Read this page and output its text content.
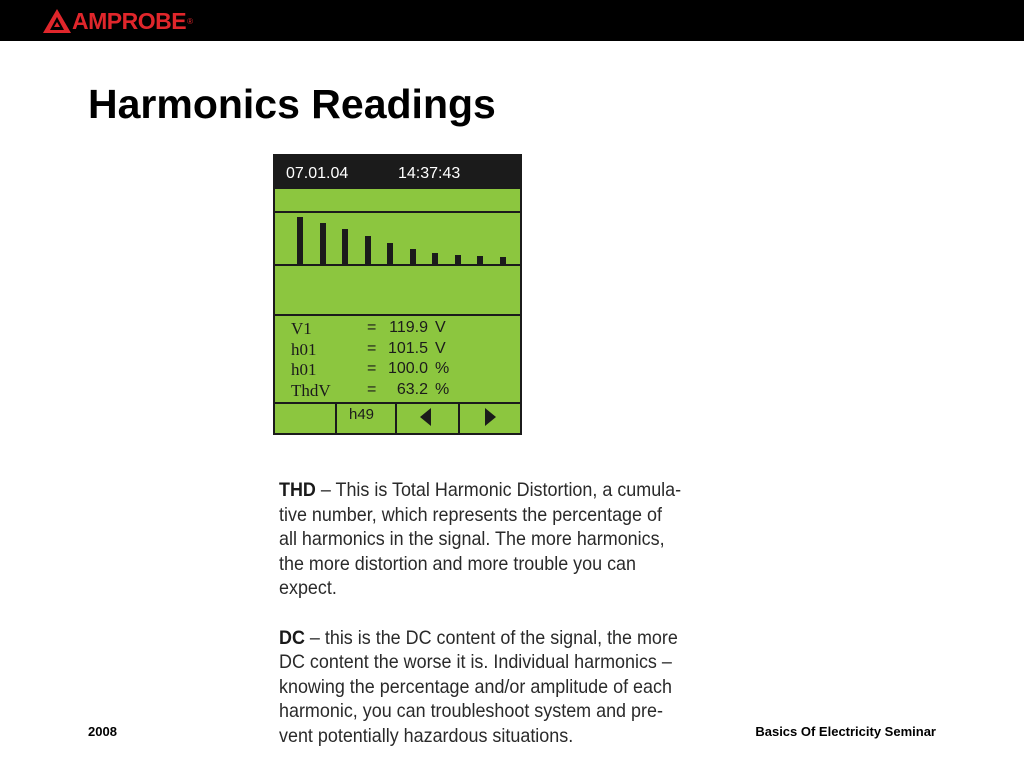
AMPROBE ®
Harmonics Readings
07.01.04	14:37:43
V1	= 119.9 V
h01	= 101.5 V
h01	= 100.0 %
ThdV =	63.2 %
h49

THD – This is Total Harmonic Distortion, a cumula-tive number, which represents the percentage of all harmonics in the signal. The more harmonics, the more distortion and more trouble you can expect.

DC – this is the DC content of the signal, the more DC content the worse it is. Individual harmonics – knowing the percentage and/or amplitude of each harmonic, you can troubleshoot system and pre-vent potentially hazardous situations.

2008	Basics Of Electricity Seminar
